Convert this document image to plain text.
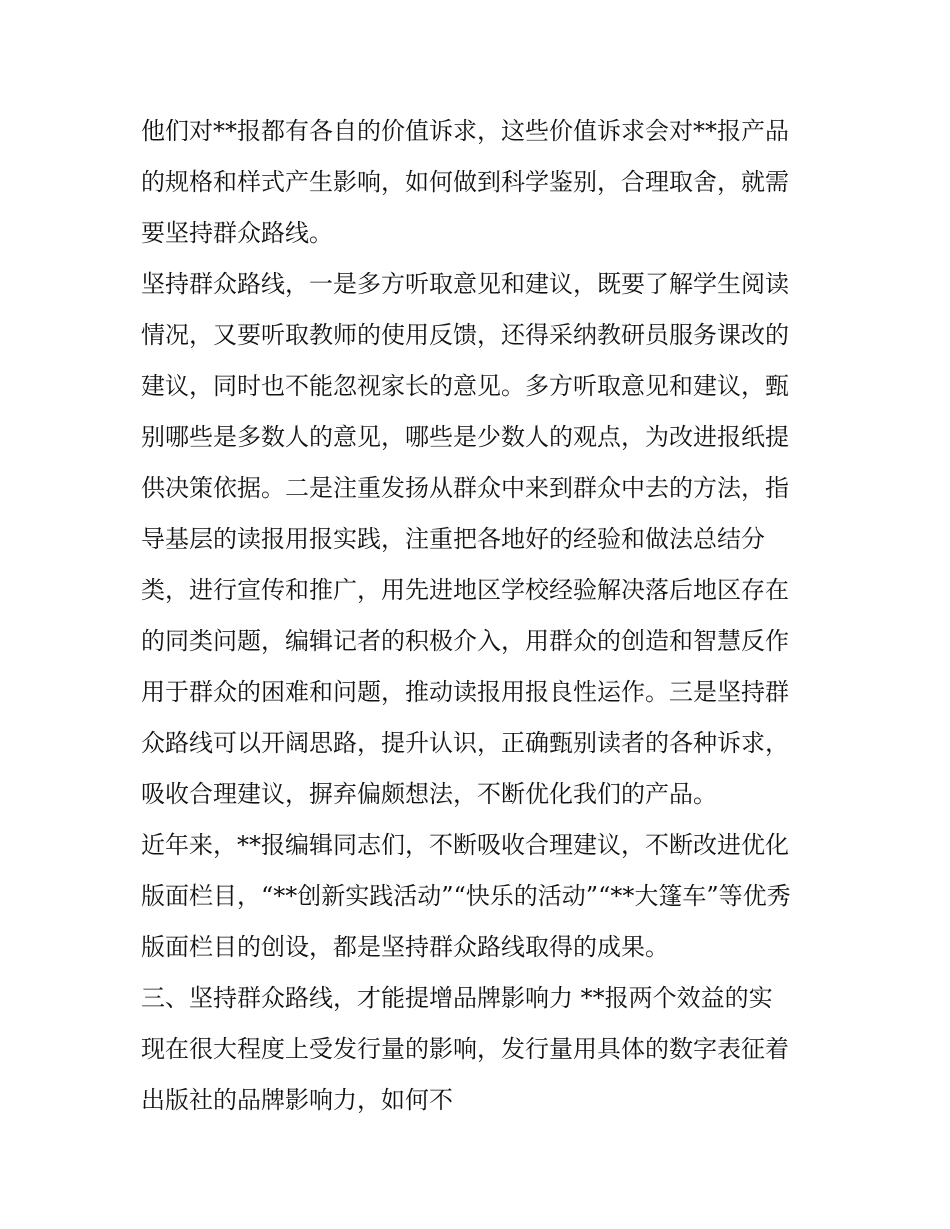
他们对**报都有各自的价值诉求，这些价值诉求会对**报产品
的规格和样式产生影响，如何做到科学鉴别，合理取舍，就需
要坚持群众路线。
坚持群众路线，一是多方听取意见和建议，既要了解学生阅读
情况，又要听取教师的使用反馈，还得采纳教研员服务课改的
建议，同时也不能忽视家长的意见。多方听取意见和建议，甄
别哪些是多数人的意见，哪些是少数人的观点，为改进报纸提
供决策依据。二是注重发扬从群众中来到群众中去的方法，指
导基层的读报用报实践，注重把各地好的经验和做法总结分
类，进行宣传和推广，用先进地区学校经验解决落后地区存在
的同类问题，编辑记者的积极介入，用群众的创造和智慧反作
用于群众的困难和问题，推动读报用报良性运作。三是坚持群
众路线可以开阔思路，提升认识，正确甄别读者的各种诉求，
吸收合理建议，摒弃偏颇想法，不断优化我们的产品。
近年来，**报编辑同志们，不断吸收合理建议，不断改进优化
版面栏目，“**创新实践活动”“快乐的活动”“**大篷车”等优秀
版面栏目的创设，都是坚持群众路线取得的成果。
三、坚持群众路线，才能提增品牌影响力 **报两个效益的实
现在很大程度上受发行量的影响，发行量用具体的数字表征着
出版社的品牌影响力，如何不
